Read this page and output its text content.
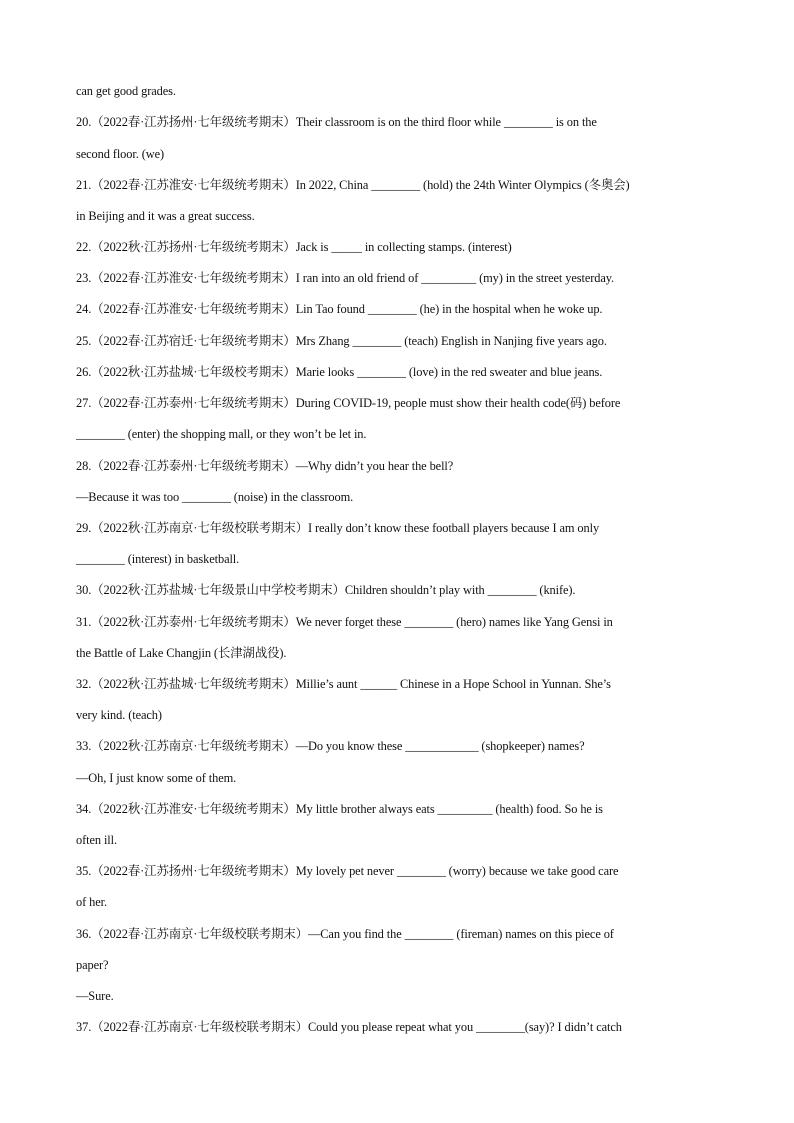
can get good grades.
20.（2022春·江苏扬州·七年级统考期末）Their classroom is on the third floor while ________ is on the
second floor. (we)
21.（2022春·江苏淮安·七年级统考期末）In 2022, China ________ (hold) the 24th Winter Olympics (冬奥会)
in Beijing and it was a great success.
22.（2022秋·江苏扬州·七年级统考期末）Jack is _____ in collecting stamps. (interest)
23.（2022春·江苏淮安·七年级统考期末）I ran into an old friend of _________ (my) in the street yesterday.
24.（2022春·江苏淮安·七年级统考期末）Lin Tao found ________ (he) in the hospital when he woke up.
25.（2022春·江苏宿迁·七年级统考期末）Mrs Zhang ________ (teach) English in Nanjing five years ago.
26.（2022秋·江苏盐城·七年级校考期末）Marie looks ________ (love) in the red sweater and blue jeans.
27.（2022春·江苏泰州·七年级统考期末）During COVID-19, people must show their health code(码) before
________ (enter) the shopping mall, or they won’t be let in.
28.（2022春·江苏泰州·七年级统考期末）—Why didn’t you hear the bell?
—Because it was too ________ (noise) in the classroom.
29.（2022秋·江苏南京·七年级校联考期末）I really don’t know these football players because I am only
________ (interest) in basketball.
30.（2022秋·江苏盐城·七年级景山中学校考期末）Children shouldn’t play with ________ (knife).
31.（2022秋·江苏泰州·七年级统考期末）We never forget these ________ (hero) names like Yang Gensi in
the Battle of Lake Changjin (长津湖战役).
32.（2022秋·江苏盐城·七年级统考期末）Millie’s aunt ______ Chinese in a Hope School in Yunnan. She’s
very kind. (teach)
33.（2022秋·江苏南京·七年级统考期末）—Do you know these ____________ (shopkeeper) names?
—Oh, I just know some of them.
34.（2022秋·江苏淮安·七年级统考期末）My little brother always eats _________ (health) food. So he is
often ill.
35.（2022春·江苏扬州·七年级统考期末）My lovely pet never ________ (worry) because we take good care
of her.
36.（2022春·江苏南京·七年级校联考期末）—Can you find the ________ (fireman) names on this piece of
paper?
—Sure.
37.（2022春·江苏南京·七年级校联考期末）Could you please repeat what you ________(say)? I didn’t catch
